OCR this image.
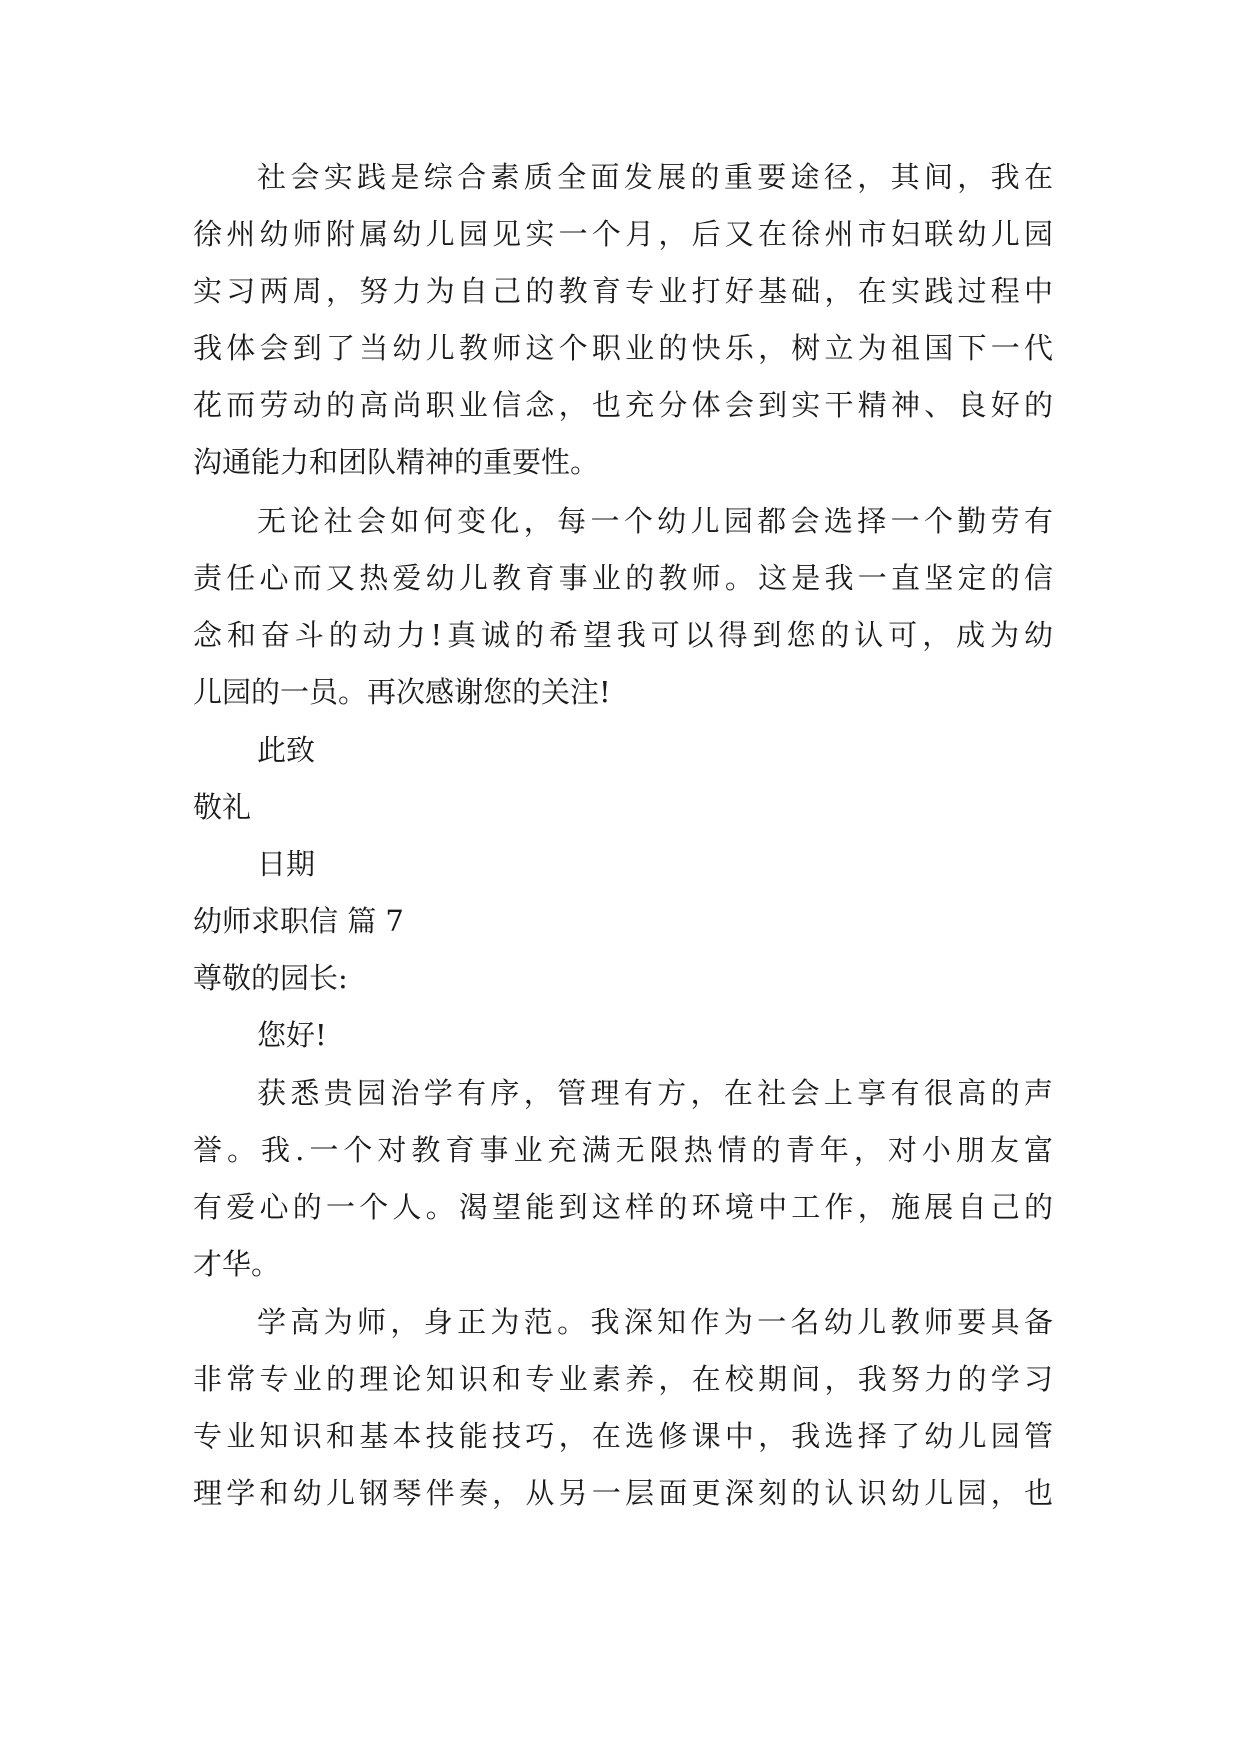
社会实践是综合素质全面发展的重要途径，其间，我在
徐州幼师附属幼儿园见实一个月，后又在徐州市妇联幼儿园
实习两周，努力为自己的教育专业打好基础，在实践过程中
我体会到了当幼儿教师这个职业的快乐，树立为祖国下一代
花而劳动的高尚职业信念，也充分体会到实干精神、良好的
沟通能力和团队精神的重要性。
无论社会如何变化，每一个幼儿园都会选择一个勤劳有
责任心而又热爱幼儿教育事业的教师。这是我一直坚定的信
念和奋斗的动力!真诚的希望我可以得到您的认可，成为幼
儿园的一员。再次感谢您的关注!
此致
敬礼
日期
幼师求职信 篇 7
尊敬的园长:
您好!
获悉贵园治学有序，管理有方，在社会上享有很高的声
誉。我.一个对教育事业充满无限热情的青年，对小朋友富
有爱心的一个人。渴望能到这样的环境中工作，施展自己的
才华。
学高为师，身正为范。我深知作为一名幼儿教师要具备
非常专业的理论知识和专业素养，在校期间，我努力的学习
专业知识和基本技能技巧，在选修课中，我选择了幼儿园管
理学和幼儿钢琴伴奏，从另一层面更深刻的认识幼儿园，也
